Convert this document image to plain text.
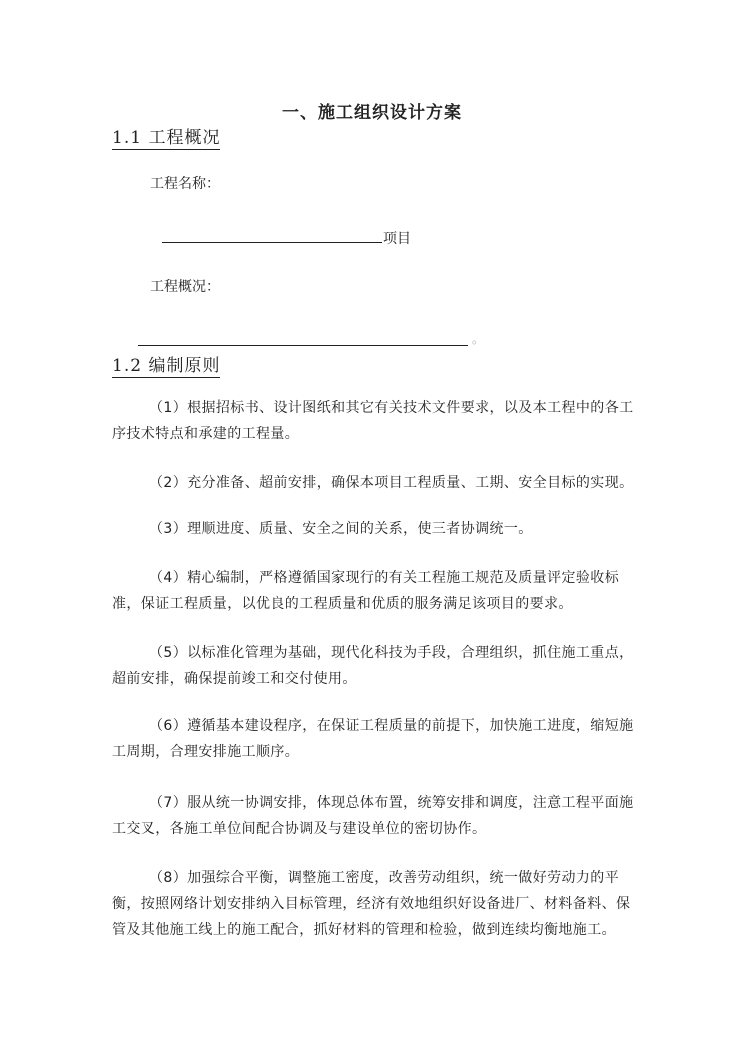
一、施工组织设计方案
1.1 工程概况
工程名称：
项目
工程概况：
。
1.2 编制原则
（1）根据招标书、设计图纸和其它有关技术文件要求，以及本工程中的各工序技术特点和承建的工程量。
（2）充分准备、超前安排，确保本项目工程质量、工期、安全目标的实现。
（3）理顺进度、质量、安全之间的关系，使三者协调统一。
（4）精心编制，严格遵循国家现行的有关工程施工规范及质量评定验收标准，保证工程质量，以优良的工程质量和优质的服务满足该项目的要求。
（5）以标准化管理为基础，现代化科技为手段，合理组织，抓住施工重点，超前安排，确保提前竣工和交付使用。
（6）遵循基本建设程序，在保证工程质量的前提下，加快施工进度，缩短施工周期，合理安排施工顺序。
（7）服从统一协调安排，体现总体布置，统筹安排和调度，注意工程平面施工交叉，各施工单位间配合协调及与建设单位的密切协作。
（8）加强综合平衡，调整施工密度，改善劳动组织，统一做好劳动力的平衡，按照网络计划安排纳入目标管理，经济有效地组织好设备进厂、材料备料、保管及其他施工线上的施工配合，抓好材料的管理和检验，做到连续均衡地施工。
